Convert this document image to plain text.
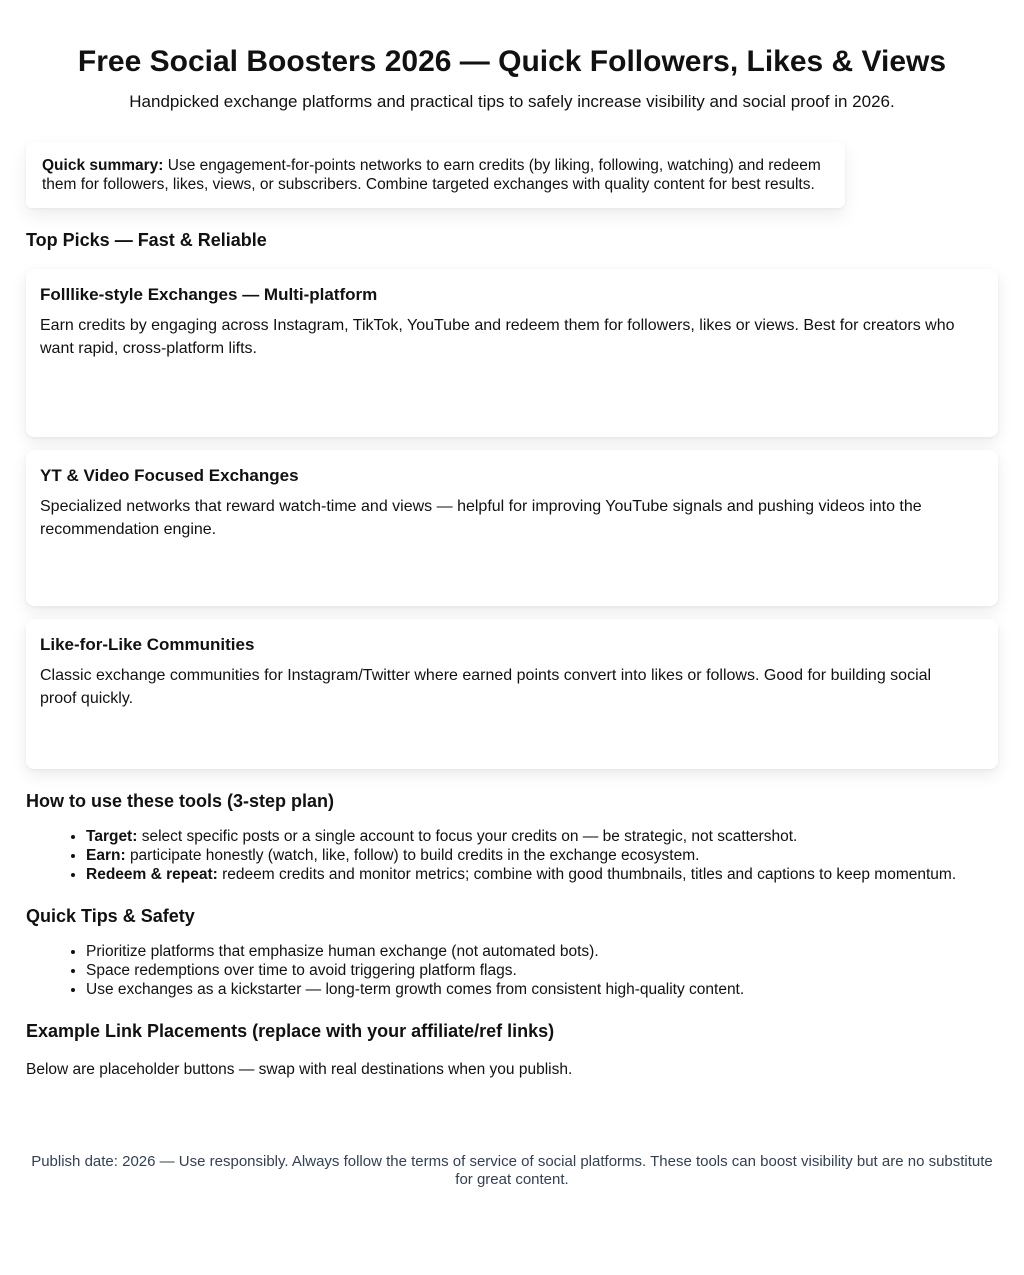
Free Social Boosters 2026 — Quick Followers, Likes & Views

Handpicked exchange platforms and practical tips to safely increase visibility and social proof in 2026.

Quick summary: Use engagement-for-points networks to earn credits (by liking, following, watching) and redeem them for followers, likes, views, or subscribers. Combine targeted exchanges with quality content for best results.
Top Picks — Fast & Reliable
Folllike-style Exchanges — Multi-platform

Earn credits by engaging across Instagram, TikTok, YouTube and redeem them for followers, likes or views. Best for creators who want rapid, cross-platform lifts.

YT & Video Focused Exchanges

Specialized networks that reward watch-time and views — helpful for improving YouTube signals and pushing videos into the recommendation engine.

Like-for-Like Communities

Classic exchange communities for Instagram/Twitter where earned points convert into likes or follows. Good for building social proof quickly.

How to use these tools (3-step plan)
• Target: select specific posts or a single account to focus your credits on — be strategic, not scattershot.
• Earn: participate honestly (watch, like, follow) to build credits in the exchange ecosystem.
• Redeem & repeat: redeem credits and monitor metrics; combine with good thumbnails, titles and captions to keep momentum.
Quick Tips & Safety
• Prioritize platforms that emphasize human exchange (not automated bots).
• Space redemptions over time to avoid triggering platform flags.
• Use exchanges as a kickstarter — long-term growth comes from consistent high-quality content.
Example Link Placements (replace with your affiliate/ref links)

Below are placeholder buttons — swap with real destinations when you publish.

Publish date: 2026 — Use responsibly. Always follow the terms of service of social platforms. These tools can boost visibility but are no substitute for great content.
